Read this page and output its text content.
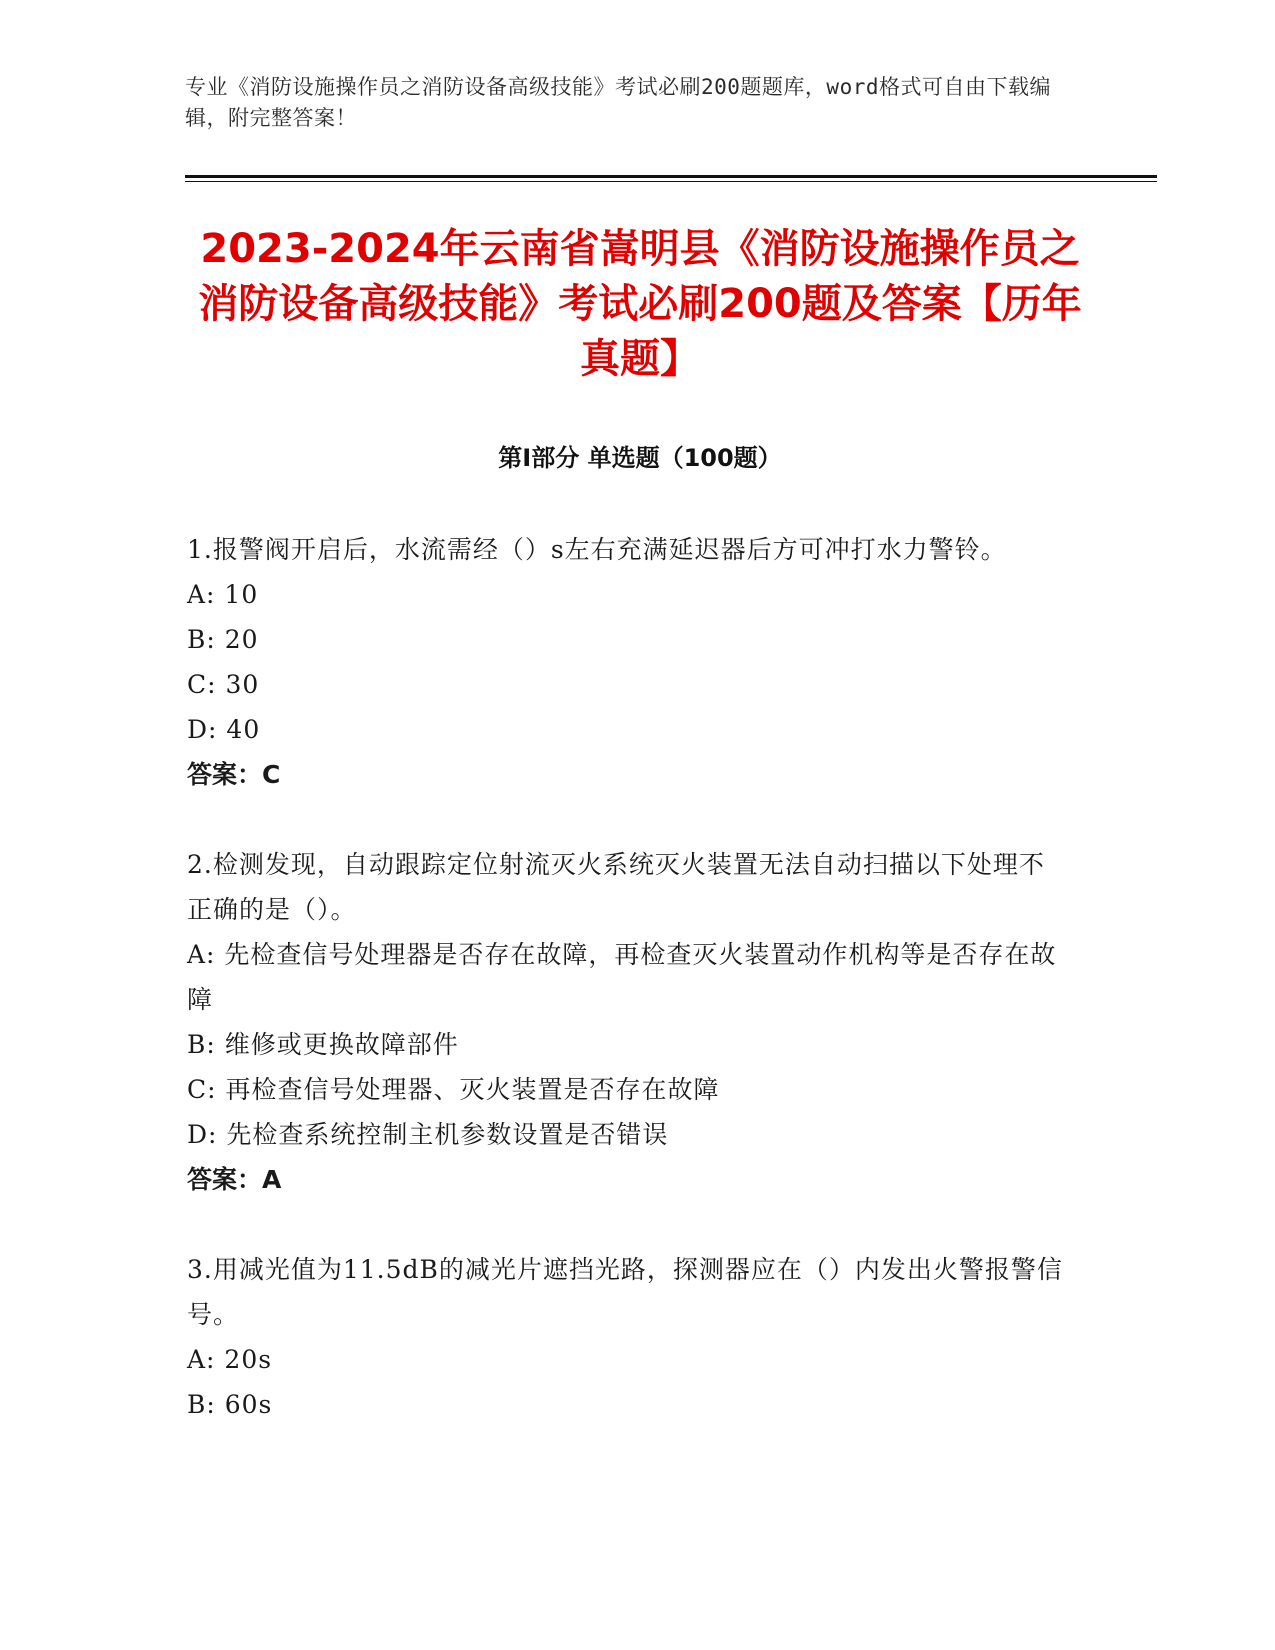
专业《消防设施操作员之消防设备高级技能》考试必刷200题题库，word格式可自由下载编辑，附完整答案！
2023-2024年云南省嵩明县《消防设施操作员之消防设备高级技能》考试必刷200题及答案【历年真题】
第I部分 单选题（100题）

1.报警阀开启后，水流需经（）s左右充满延迟器后方可冲打水力警铃。

A: 10

B: 20

C: 30

D: 40

答案：C

2.检测发现，自动跟踪定位射流灭火系统灭火装置无法自动扫描以下处理不正确的是（）。

A: 先检查信号处理器是否存在故障，再检查灭火装置动作机构等是否存在故障

B: 维修或更换故障部件

C: 再检查信号处理器、灭火装置是否存在故障

D: 先检查系统控制主机参数设置是否错误

答案：A

3.用减光值为11.5dB的减光片遮挡光路，探测器应在（）内发出火警报警信号。

A: 20s

B: 60s
